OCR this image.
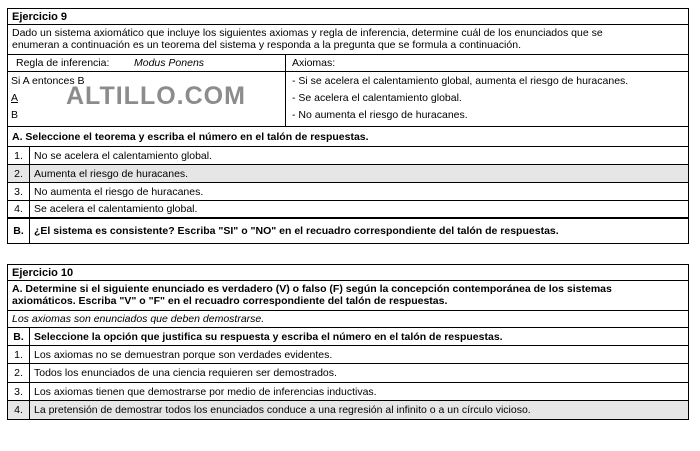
Ejercicio 9
Dado un sistema axiomático que incluye los siguientes axiomas y regla de inferencia, determine cuál de los enunciados que se
enumeran a continuación es un teorema del sistema y responda a la pregunta que se formula a continuación.
Regla de inferencia:	Modus Ponens	Axiomas:
Si A entonces B
A
B
- Si se acelera el calentamiento global, aumenta el riesgo de huracanes.
- Se acelera el calentamiento global.
- No aumenta el riesgo de huracanes.
A. Seleccione el teorema y escriba el número en el talón de respuestas.
1.	No se acelera el calentamiento global.
2.	Aumenta el riesgo de huracanes.
3.	No aumenta el riesgo de huracanes.
4.	Se acelera el calentamiento global.
B. ¿El sistema es consistente? Escriba "SI" o "NO" en el recuadro correspondiente del talón de respuestas.
ALTILLO.COM
Ejercicio 10
A. Determine si el siguiente enunciado es verdadero (V) o falso (F) según la concepción contemporánea de los sistemas
axiomáticos. Escriba "V" o "F" en el recuadro correspondiente del talón de respuestas.
Los axiomas son enunciados que deben demostrarse.
B. Seleccione la opción que justifica su respuesta y escriba el número en el talón de respuestas.
1.	Los axiomas no se demuestran porque son verdades evidentes.
2.	Todos los enunciados de una ciencia requieren ser demostrados.
3.	Los axiomas tienen que demostrarse por medio de inferencias inductivas.
4.	La pretensión de demostrar todos los enunciados conduce a una regresión al infinito o a un círculo vicioso.
